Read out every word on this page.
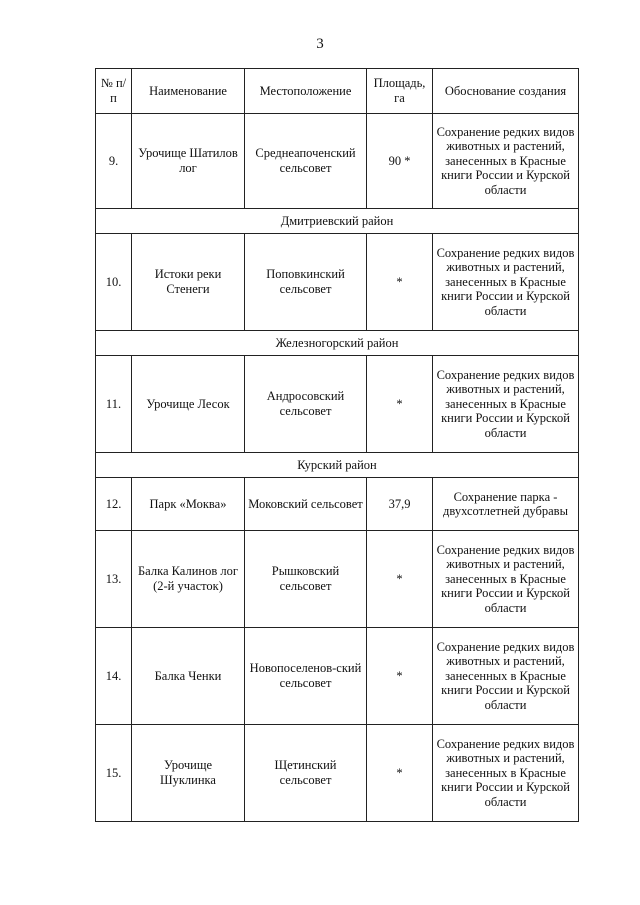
3
№ п/п	Наименование	Местоположение	Площадь, га	Обоснование создания
9.	Урочище Шатилов лог	Среднеапоченский сельсовет	90 *	Сохранение редких видов животных и растений, занесенных в Красные книги России и Курской области
Дмитриевский район				
10.	Истоки реки Стенеги	Поповкинский сельсовет	*	Сохранение редких видов животных и растений, занесенных в Красные книги России и Курской области
Железногорский район				
11.	Урочище Лесок	Андросовский сельсовет	*	Сохранение редких видов животных и растений, занесенных в Красные книги России и Курской области
Курский район				
12.	Парк «Моква»	Моковский сельсовет	37,9	Сохранение парка - двухсотлетней дубравы
13.	Балка Калинов лог (2-й участок)	Рышковский сельсовет	*	Сохранение редких видов животных и растений, занесенных в Красные книги России и Курской области
14.	Балка Ченки	Новопоселенов-ский сельсовет	*	Сохранение редких видов животных и растений, занесенных в Красные книги России и Курской области
15.	Урочище Шуклинка	Щетинский сельсовет	*	Сохранение редких видов животных и растений, занесенных в Красные книги России и Курской области
